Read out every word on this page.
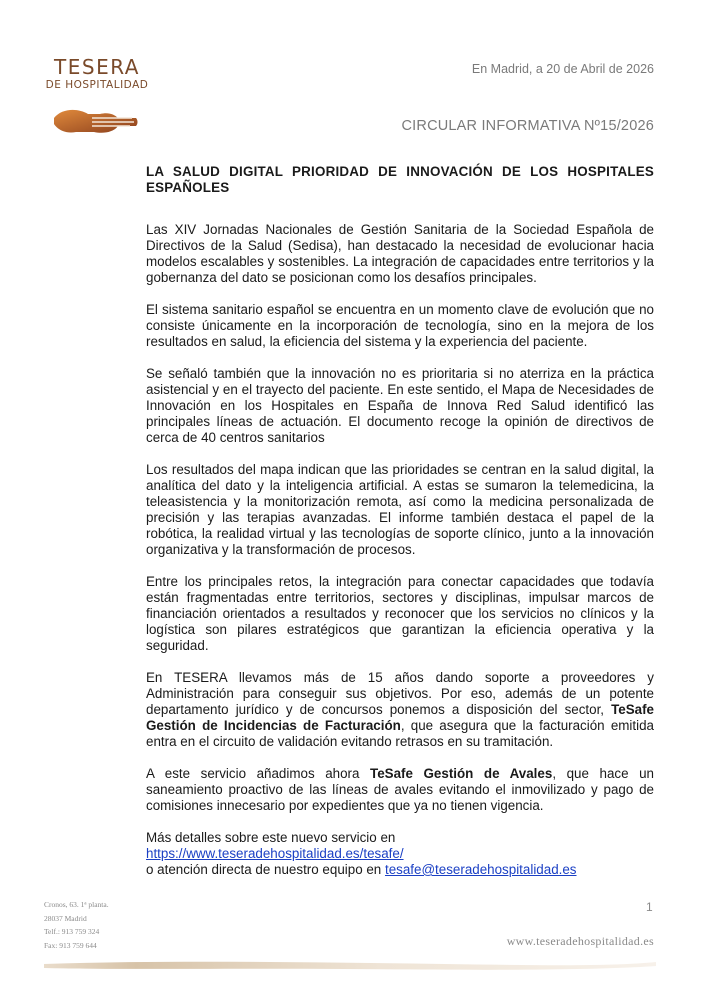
TESERA
DE HOSPITALIDAD
En Madrid, a 20 de Abril de 2026
CIRCULAR INFORMATIVA Nº15/2026
LA SALUD DIGITAL PRIORIDAD DE INNOVACIÓN DE LOS HOSPITALES ESPAÑOLES

Las XIV Jornadas Nacionales de Gestión Sanitaria de la Sociedad Española de Directivos de la Salud (Sedisa), han destacado la necesidad de evolucionar hacia modelos escalables y sostenibles. La integración de capacidades entre territorios y la gobernanza del dato se posicionan como los desafíos principales.

El sistema sanitario español se encuentra en un momento clave de evolución que no consiste únicamente en la incorporación de tecnología, sino en la mejora de los resultados en salud, la eficiencia del sistema y la experiencia del paciente.

Se señaló también que la innovación no es prioritaria si no aterriza en la práctica asistencial y en el trayecto del paciente. En este sentido, el Mapa de Necesidades de Innovación en los Hospitales en España de Innova Red Salud identificó las principales líneas de actuación. El documento recoge la opinión de directivos de cerca de 40 centros sanitarios

Los resultados del mapa indican que las prioridades se centran en la salud digital, la analítica del dato y la inteligencia artificial. A estas se sumaron la telemedicina, la teleasistencia y la monitorización remota, así como la medicina personalizada de precisión y las terapias avanzadas. El informe también destaca el papel de la robótica, la realidad virtual y las tecnologías de soporte clínico, junto a la innovación organizativa y la transformación de procesos.

Entre los principales retos, la integración para conectar capacidades que todavía están fragmentadas entre territorios, sectores y disciplinas, impulsar marcos de financiación orientados a resultados y reconocer que los servicios no clínicos y la logística son pilares estratégicos que garantizan la eficiencia operativa y la seguridad.

En TESERA llevamos más de 15 años dando soporte a proveedores y Administración para conseguir sus objetivos. Por eso, además de un potente departamento jurídico y de concursos ponemos a disposición del sector, TeSafe Gestión de Incidencias de Facturación, que asegura que la facturación emitida entra en el circuito de validación evitando retrasos en su tramitación.

A este servicio añadimos ahora TeSafe Gestión de Avales, que hace un saneamiento proactivo de las líneas de avales evitando el inmovilizado y pago de comisiones innecesario por expedientes que ya no tienen vigencia.

Más detalles sobre este nuevo servicio en https://www.teseradehospitalidad.es/tesafe/
o atención directa de nuestro equipo en tesafe@teseradehospitalidad.es

Cronos, 63. 1ª planta.
28037 Madrid
Telf.: 913 759 324
Fax: 913 759 644
1
www.teseradehospitalidad.es
